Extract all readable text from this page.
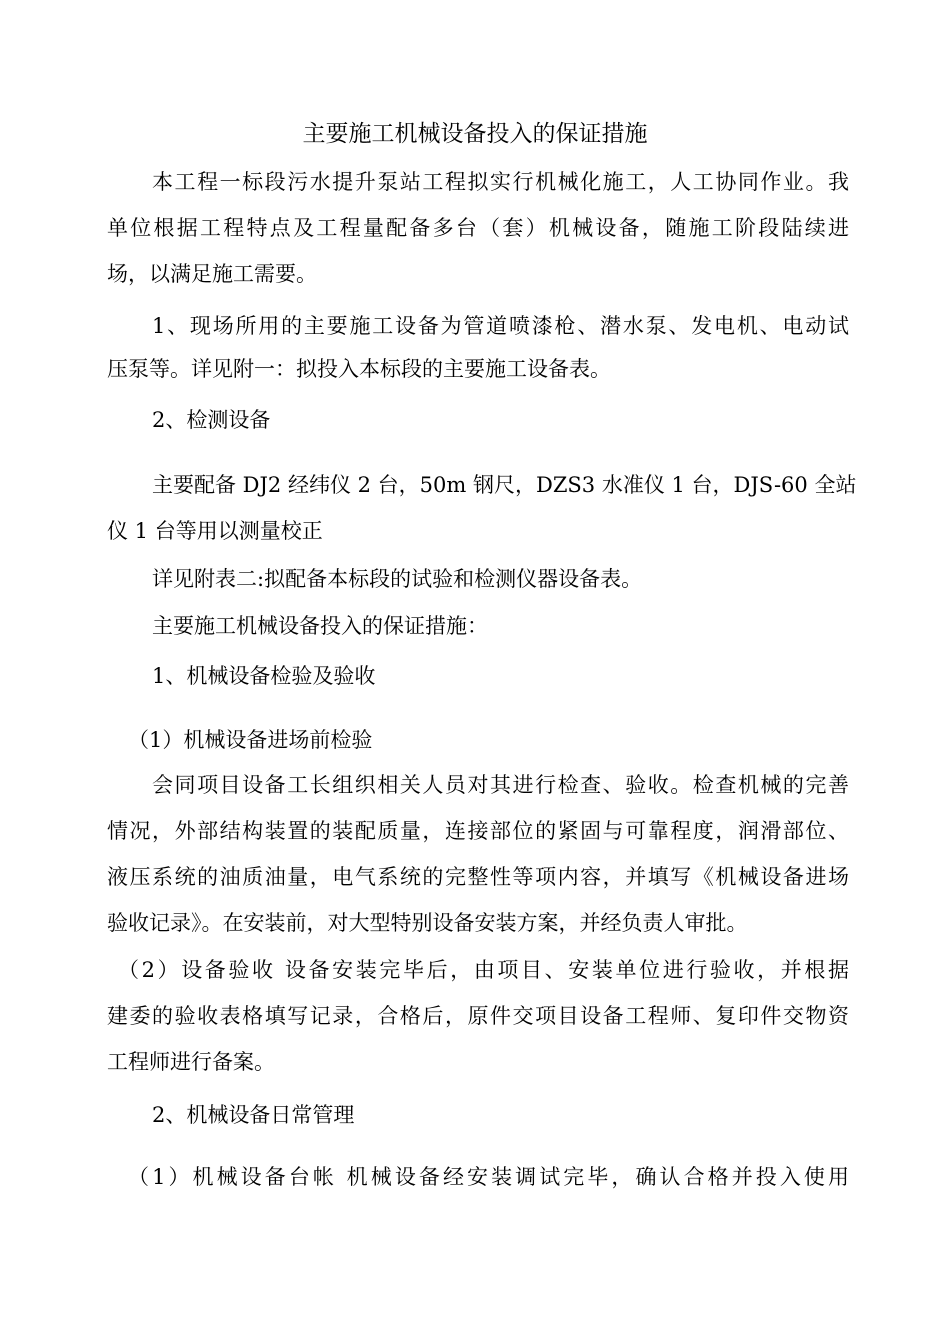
主要施工机械设备投入的保证措施
本工程一标段污水提升泵站工程拟实行机械化施工，人工协同作业。我
单位根据工程特点及工程量配备多台（套）机械设备，随施工阶段陆续进
场，以满足施工需要。
1、现场所用的主要施工设备为管道喷漆枪、潜水泵、发电机、电动试
压泵等。详见附一：拟投入本标段的主要施工设备表。
2、检测设备
主要配备 DJ2 经纬仪 2 台，50m 钢尺，DZS3 水准仪 1 台，DJS-60 全站
仪 1 台等用以测量校正
详见附表二:拟配备本标段的试验和检测仪器设备表。
主要施工机械设备投入的保证措施：
1、机械设备检验及验收
（1）机械设备进场前检验
会同项目设备工长组织相关人员对其进行检查、验收。检查机械的完善
情况，外部结构装置的装配质量，连接部位的紧固与可靠程度，润滑部位、
液压系统的油质油量，电气系统的完整性等项内容，并填写《机械设备进场
验收记录》。在安装前，对大型特别设备安装方案，并经负责人审批。
（2）设备验收 设备安装完毕后，由项目、安装单位进行验收，并根据
建委的验收表格填写记录，合格后，原件交项目设备工程师、复印件交物资
工程师进行备案。
2、机械设备日常管理
（1）机械设备台帐 机械设备经安装调试完毕，确认合格并投入使用
